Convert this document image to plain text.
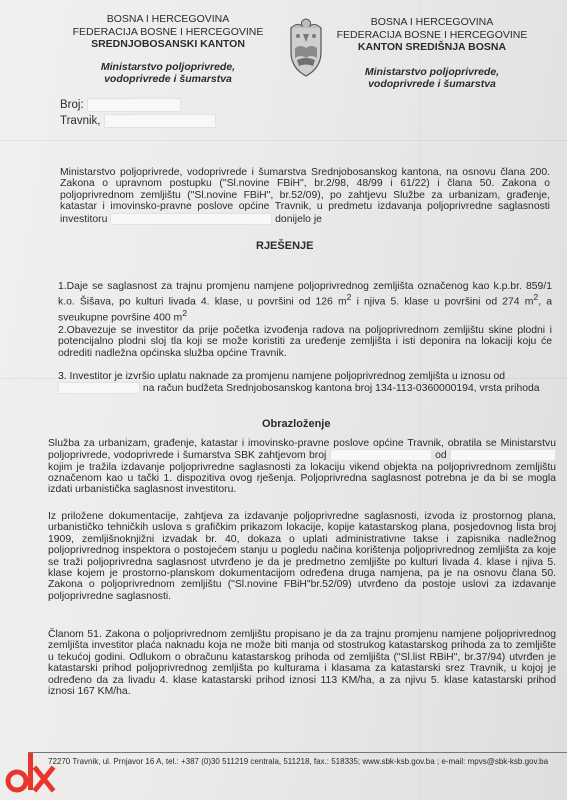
BOSNA I HERCEGOVINA
FEDERACIJA BOSNE I HERCEGOVINE
SREDNJOBOSANSKI KANTON
Ministarstvo poljoprivrede,
vodoprivrede i šumarstva
BOSNA I HERCEGOVINA
FEDERACIJA BOSNE I HERCEGOVINE
KANTON SREDIŠNJA BOSNA
Ministarstvo poljoprivrede,
vodoprivrede i šumarstva
Broj:
Travnik,
Ministarstvo poljoprivrede, vodoprivrede i šumarstva Srednjobosanskog kantona, na osnovu člana 200. Zakona o upravnom postupku ("Sl.novine FBiH", br.2/98, 48/99 i 61/22) i člana 50. Zakona o poljoprivrednom zemljištu ("Sl.novine FBiH", br.52/09), po zahtjevu Službe za urbanizam, građenje, katastar i imovinsko-pravne poslove općine Travnik, u predmetu izdavanja poljoprivredne saglasnosti investitoru	donijelo je
RJEŠENJE
1.Daje se saglasnost za trajnu promjenu namjene poljoprivrednog zemljišta označenog kao k.p.br. 859/1 k.o. Šišava, po kulturi livada 4. klase, u površini od 126 $m^2$ i njiva 5. klase u površini od 274 $m^2$, a sveukupne površine 400 $m^2$
2.Obavezuje se investitor da prije početka izvođenja radova na poljoprivrednom zemljištu skine plodni i potencijalno plodni sloj tla koji se može koristiti za uređenje zemljišta i isti deponira na lokaciji koju će odrediti nadležna općinska služba općine Travnik.
3. Investitor je izvršio uplatu naknade za promjenu namjene poljoprivrednog zemljišta u iznosu od
na račun budžeta Srednjobosanskog kantona broj 134-113-0360000194, vrsta prihoda
Obrazloženje
Služba za urbanizam, građenje, katastar i imovinsko-pravne poslove općine Travnik, obratila se Ministarstvu poljoprivrede, vodoprivrede i šumarstva SBK zahtjevom broj	od  kojim je tražila izdavanje poljoprivredne saglasnosti za lokaciju vikend objekta na poljoprivrednom zemljištu označenom kao u tački 1. dispozitiva ovog rješenja. Poljoprivredna saglasnost potrebna je da bi se mogla izdati urbanistička saglasnost investitoru.
Iz priložene dokumentacije, zahtjeva za izdavanje poljoprivredne saglasnosti, izvoda iz prostornog plana, urbanističko tehničkih uslova s grafičkim prikazom lokacije, kopije katastarskog plana, posjedovnog lista broj 1909, zemljišnoknjižni izvadak br. 40, dokaza o uplati administrativne takse i zapisnika nadležnog poljoprivrednog inspektora o postojećem stanju u pogledu načina korištenja poljoprivrednog zemljišta za koje se traži poljoprivredna saglasnost utvrđeno je da je predmetno zemljište po kulturi livada 4. klase i njiva 5. klase kojem je prostorno-planskom dokumentacijom određena druga namjena, pa je na osnovu člana 50. Zakona o poljoprivrednom zemljištu ("Sl.novine FBiH"br.52/09) utvrđeno da postoje uslovi za izdavanje poljoprivredne saglasnosti.
Članom 51. Zakona o poljoprivrednom zemljištu propisano je da za trajnu promjenu namjene poljoprivrednog zemljišta investitor plaća naknadu koja ne može biti manja od stostrukog katastarskog prihoda za to zemljište u tekućoj godini. Odlukom o obračunu katastarskog prihoda od zemljišta ("Sl.list RBiH", br.37/94) utvrđen je katastarski prihod poljoprivrednog zemljišta po kulturama i klasama za katastarski srez Travnik, u kojoj je određeno da za livadu 4. klase katastarski prihod iznosi 113 KM/ha, a za njivu 5. klase katastarski prihod iznosi 167 KM/ha.
72270 Travnik, ul. Prnjavor 16 A, tel.: +387 (0)30 511219 centrala, 511218, fax.: 518335; www.sbk-ksb.gov.ba ; e-mail: mpvs@sbk-ksb.gov.ba
